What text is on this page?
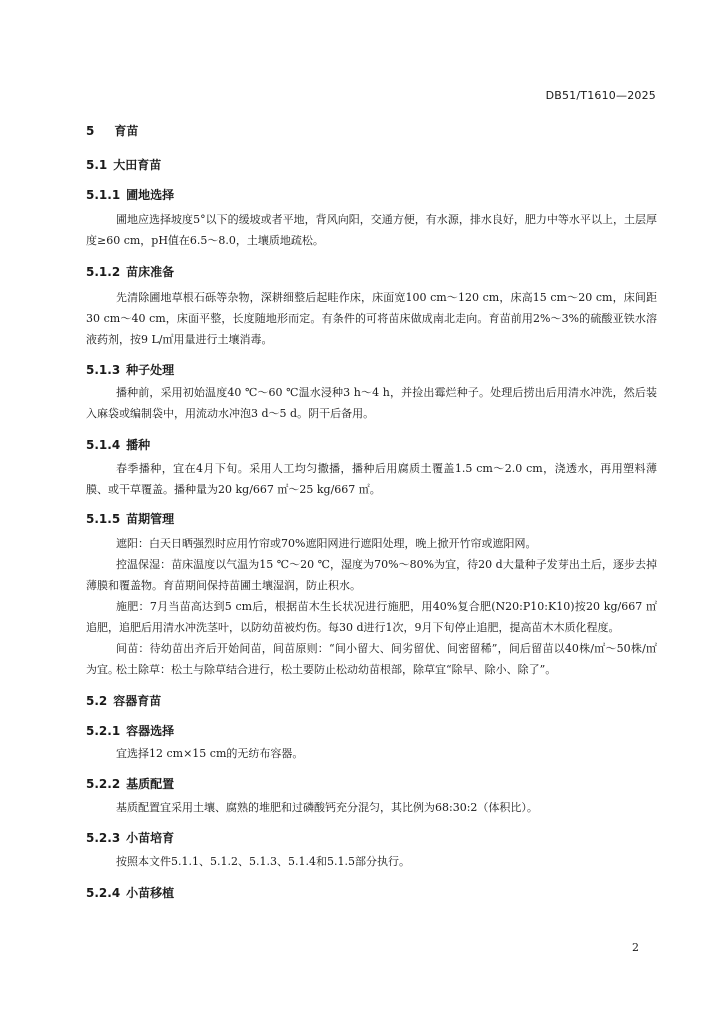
DB51/T1610—2025
5 育苗
5.1 大田育苗
5.1.1 圃地选择
圃地应选择坡度5°以下的缓坡或者平地，背风向阳，交通方便，有水源，排水良好，肥力中等水平以上，土层厚度≥60 cm，pH值在6.5～8.0，土壤质地疏松。
5.1.2 苗床准备
先清除圃地草根石砾等杂物，深耕细整后起畦作床，床面宽100 cm～120 cm，床高15 cm～20 cm，床间距30 cm～40 cm，床面平整，长度随地形而定。有条件的可将苗床做成南北走向。育苗前用2%～3%的硫酸亚铁水溶液药剂，按9 L/㎡用量进行土壤消毒。
5.1.3 种子处理
播种前，采用初始温度40 ℃～60 ℃温水浸种3 h～4 h，并捡出霉烂种子。处理后捞出后用清水冲洗，然后装入麻袋或编制袋中，用流动水冲泡3 d～5 d。阴干后备用。
5.1.4 播种
春季播种，宜在4月下旬。采用人工均匀撒播，播种后用腐质土覆盖1.5 cm～2.0 cm，浇透水，再用塑料薄膜、或干草覆盖。播种量为20 kg/667 ㎡～25 kg/667 ㎡。
5.1.5 苗期管理
遮阳：白天日晒强烈时应用竹帘或70%遮阳网进行遮阳处理，晚上掀开竹帘或遮阳网。
控温保湿：苗床温度以气温为15 ℃～20 ℃，湿度为70%～80%为宜，待20 d大量种子发芽出土后，逐步去掉薄膜和覆盖物。育苗期间保持苗圃土壤湿润，防止积水。
施肥：7月当苗高达到5 cm后，根据苗木生长状况进行施肥，用40%复合肥(N20:P10:K10)按20 kg/667 ㎡追肥，追肥后用清水冲洗茎叶，以防幼苗被灼伤。每30 d进行1次，9月下旬停止追肥，提高苗木木质化程度。
间苗：待幼苗出齐后开始间苗，间苗原则：“间小留大、间劣留优、间密留稀”，间后留苗以40株/㎡～50株/㎡为宜。
松土除草：松土与除草结合进行，松土要防止松动幼苗根部，除草宜“除早、除小、除了”。
5.2 容器育苗
5.2.1 容器选择
宜选择12 cm×15 cm的无纺布容器。
5.2.2 基质配置
基质配置宜采用土壤、腐熟的堆肥和过磷酸钙充分混匀，其比例为68:30:2（体积比）。
5.2.3 小苗培育
按照本文件5.1.1、5.1.2、5.1.3、5.1.4和5.1.5部分执行。
5.2.4 小苗移植
2
